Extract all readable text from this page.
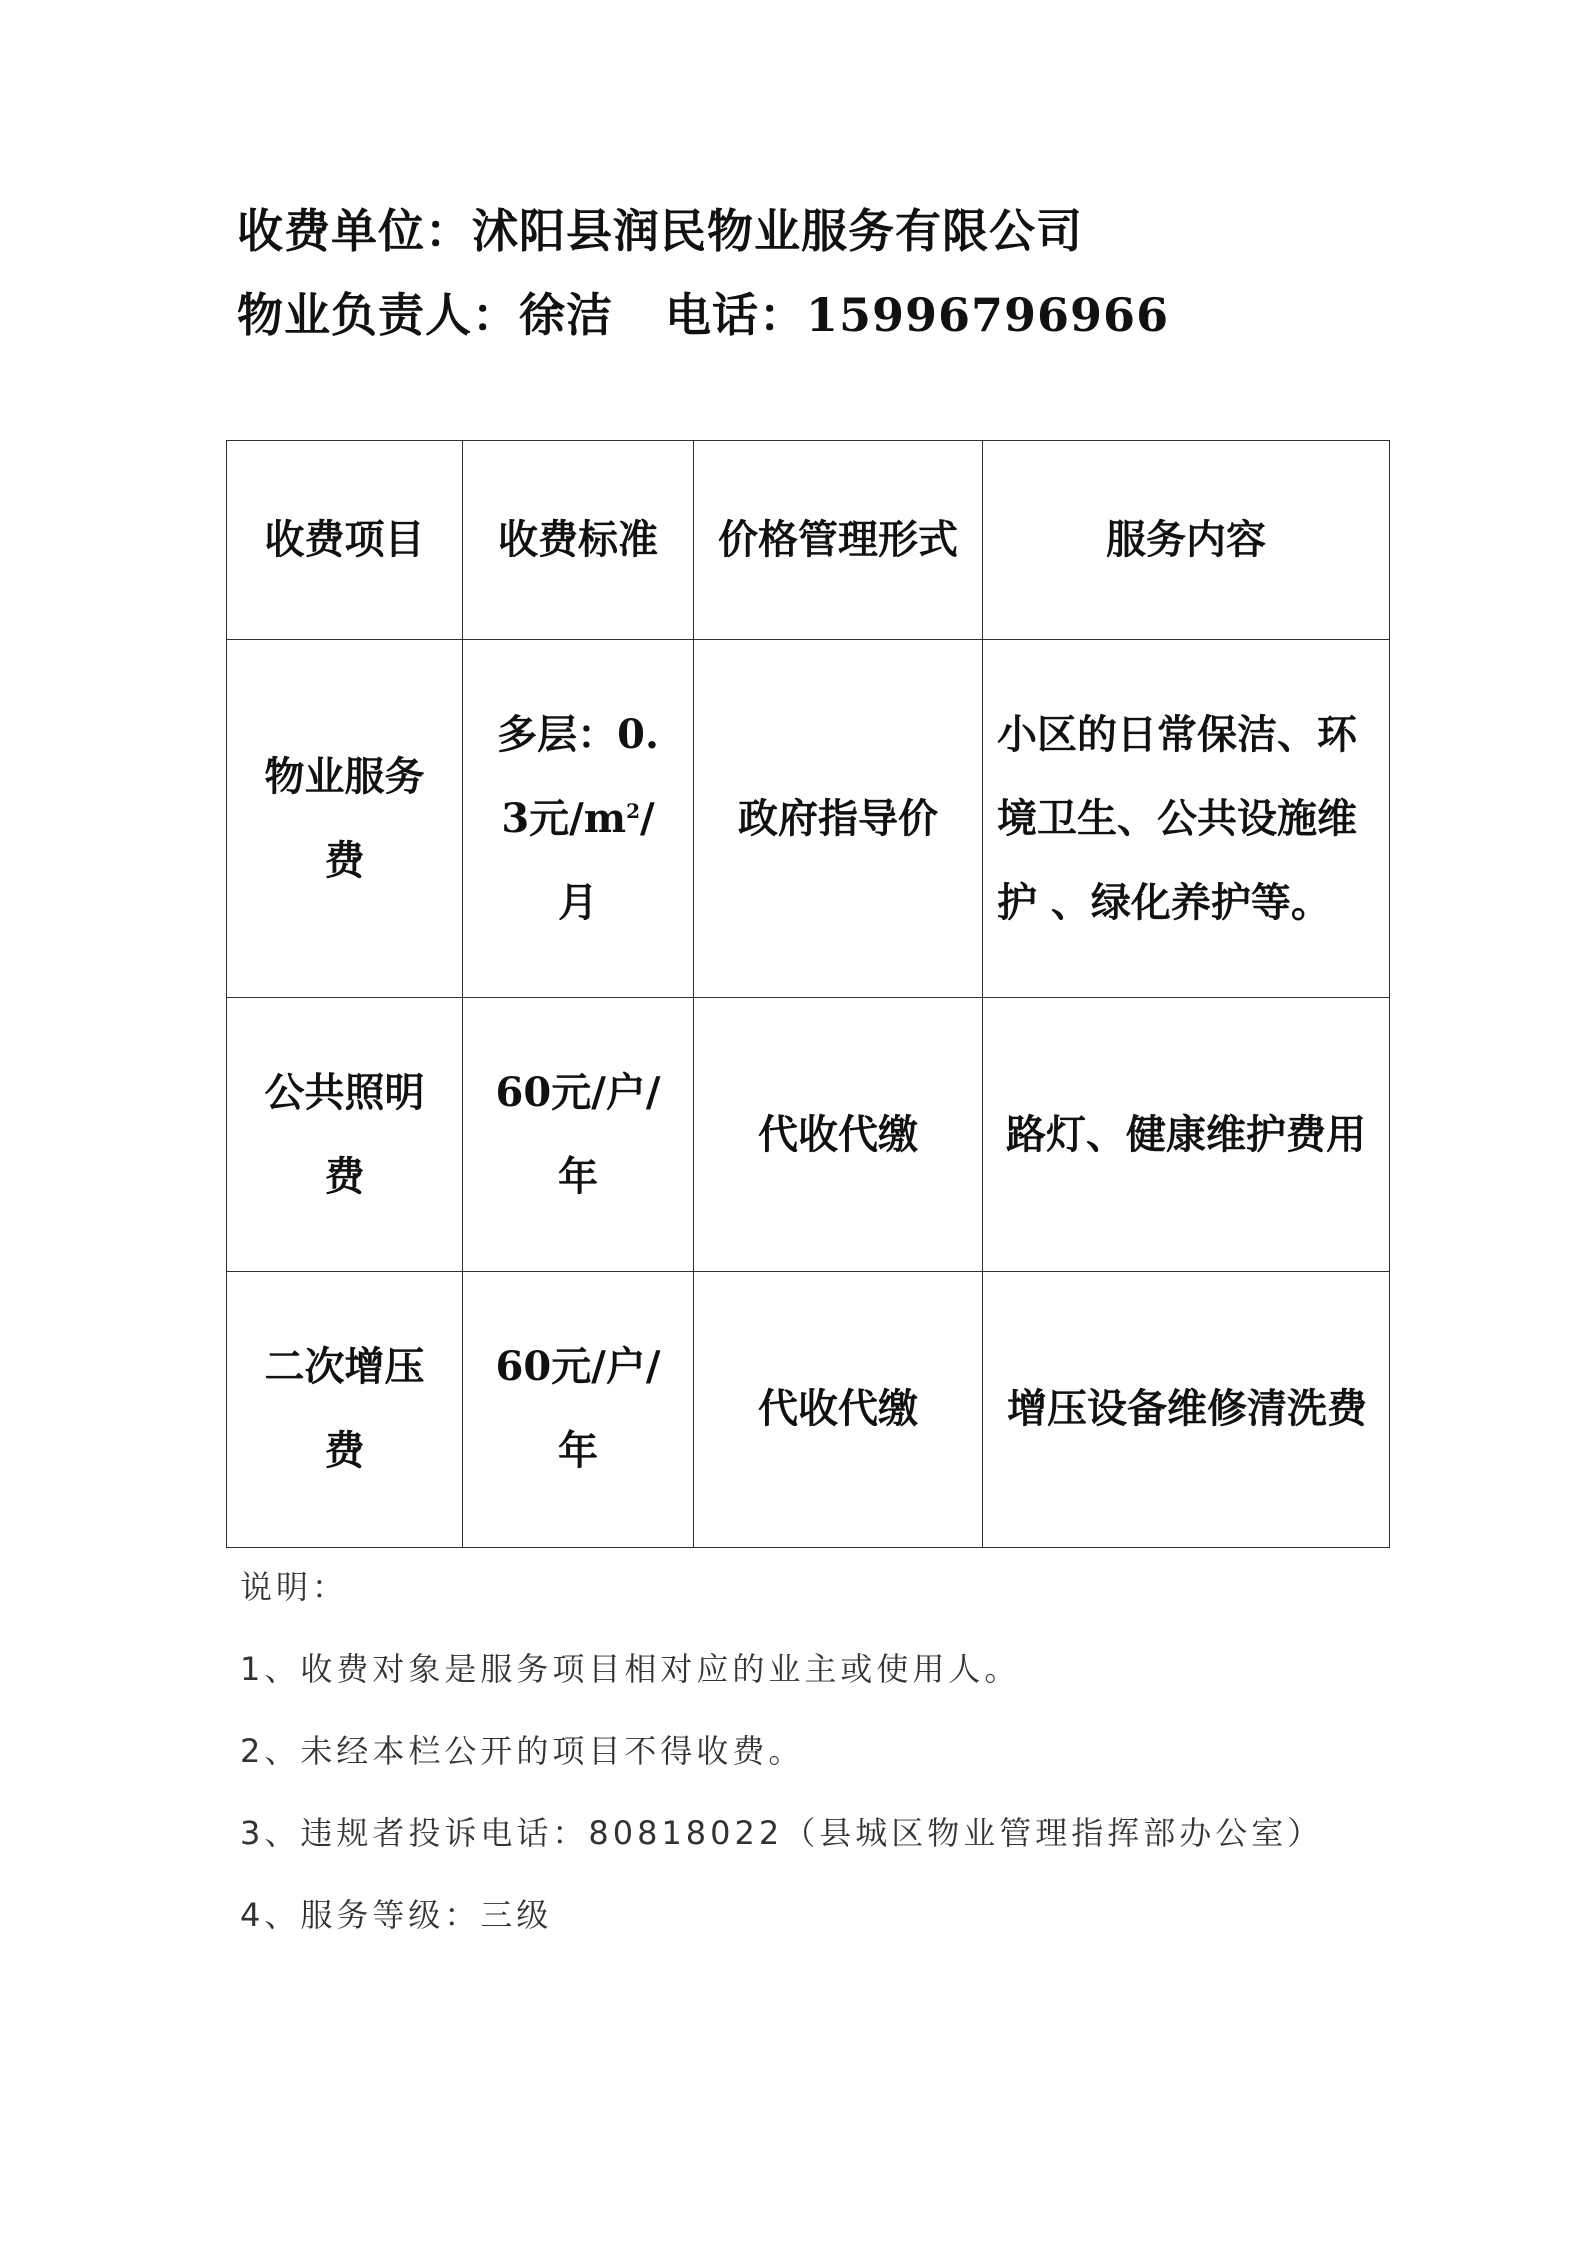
收费单位：沭阳县润民物业服务有限公司
物业负责人：徐洁 电话：15996796966
收费项目	收费标准	价格管理形式	服务内容
物业服务费	多层：0.3元$/m^2/$月	政府指导价	小区的日常保洁、环境卫生、公共设施维护 、绿化养护等。
公共照明费	60元/户/年	代收代缴	路灯、健康维护费用
二次增压费	60元/户/年	代收代缴	增压设备维修清洗费
说明：
1、收费对象是服务项目相对应的业主或使用人。
2、未经本栏公开的项目不得收费。
3、违规者投诉电话：80818022（县城区物业管理指挥部办公室）
4、服务等级：三级
